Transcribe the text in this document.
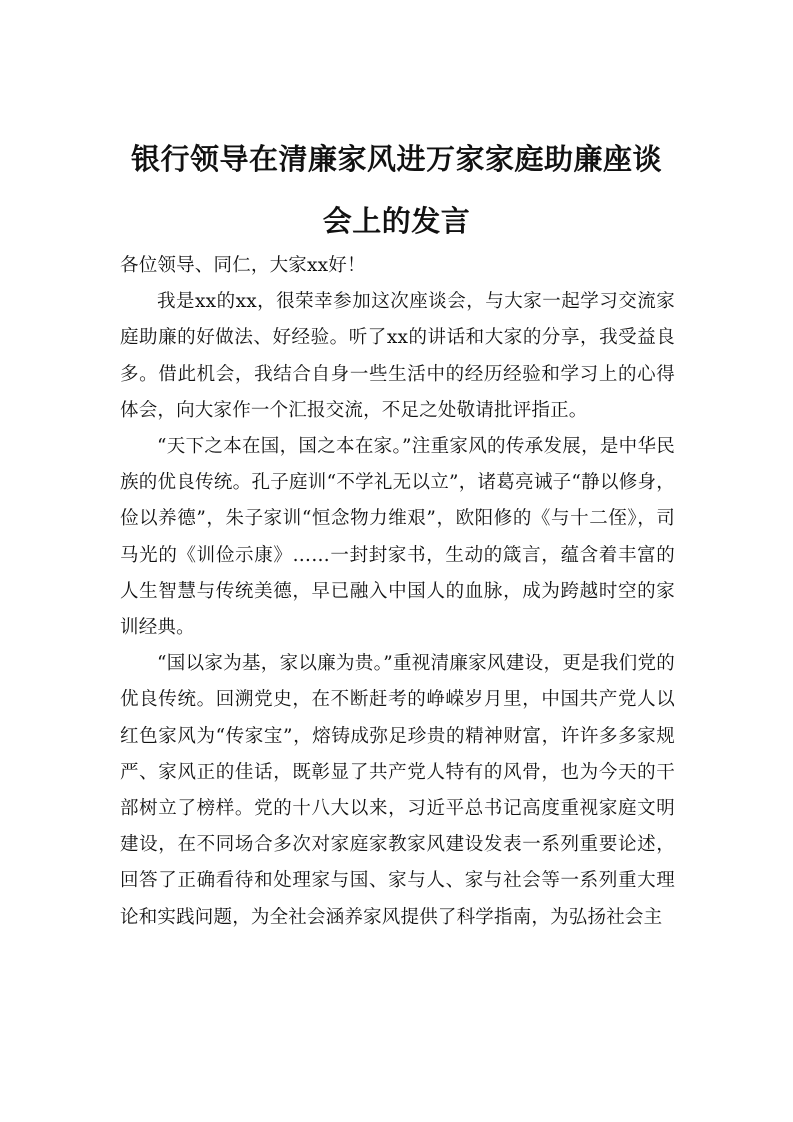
银行领导在清廉家风进万家家庭助廉座谈
会上的发言

各位领导、同仁，大家xx好！

我是xx的xx，很荣幸参加这次座谈会，与大家一起学习交流家庭助廉的好做法、好经验。听了xx的讲话和大家的分享，我受益良多。借此机会，我结合自身一些生活中的经历经验和学习上的心得体会，向大家作一个汇报交流，不足之处敬请批评指正。

“天下之本在国，国之本在家。”注重家风的传承发展，是中华民族的优良传统。孔子庭训“不学礼无以立”，诸葛亮诫子“静以修身，俭以养德”，朱子家训“恒念物力维艰”，欧阳修的《与十二侄》，司马光的《训俭示康》……一封封家书，生动的箴言，蕴含着丰富的人生智慧与传统美德，早已融入中国人的血脉，成为跨越时空的家训经典。

“国以家为基，家以廉为贵。”重视清廉家风建设，更是我们党的优良传统。回溯党史，在不断赶考的峥嵘岁月里，中国共产党人以红色家风为“传家宝”，熔铸成弥足珍贵的精神财富，许许多多家规严、家风正的佳话，既彰显了共产党人特有的风骨，也为今天的干部树立了榜样。党的十八大以来，习近平总书记高度重视家庭文明建设，在不同场合多次对家庭家教家风建设发表一系列重要论述，回答了正确看待和处理家与国、家与人、家与社会等一系列重大理论和实践问题，为全社会涵养家风提供了科学指南，为弘扬社会主
